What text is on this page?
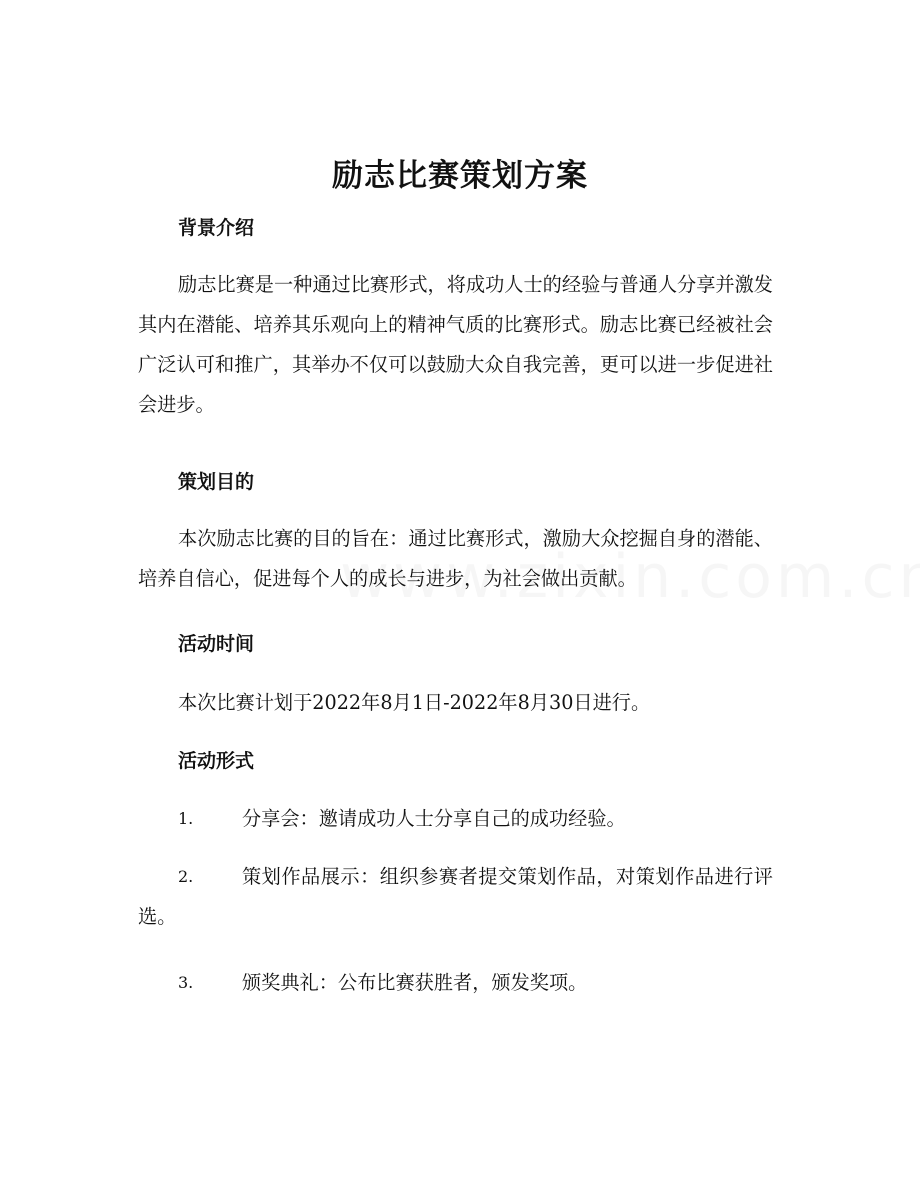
励志比赛策划方案

背景介绍

励志比赛是一种通过比赛形式，将成功人士的经验与普通人分享并激发其内在潜能、培养其乐观向上的精神气质的比赛形式。励志比赛已经被社会广泛认可和推广，其举办不仅可以鼓励大众自我完善，更可以进一步促进社会进步。

策划目的

本次励志比赛的目的旨在：通过比赛形式，激励大众挖掘自身的潜能、培养自信心，促进每个人的成长与进步，为社会做出贡献。

活动时间

本次比赛计划于2022年8月1日-2022年8月30日进行。

活动形式

1.	分享会：邀请成功人士分享自己的成功经验。
2.	策划作品展示：组织参赛者提交策划作品，对策划作品进行评选。
3.	颁奖典礼：公布比赛获胜者，颁发奖项。
